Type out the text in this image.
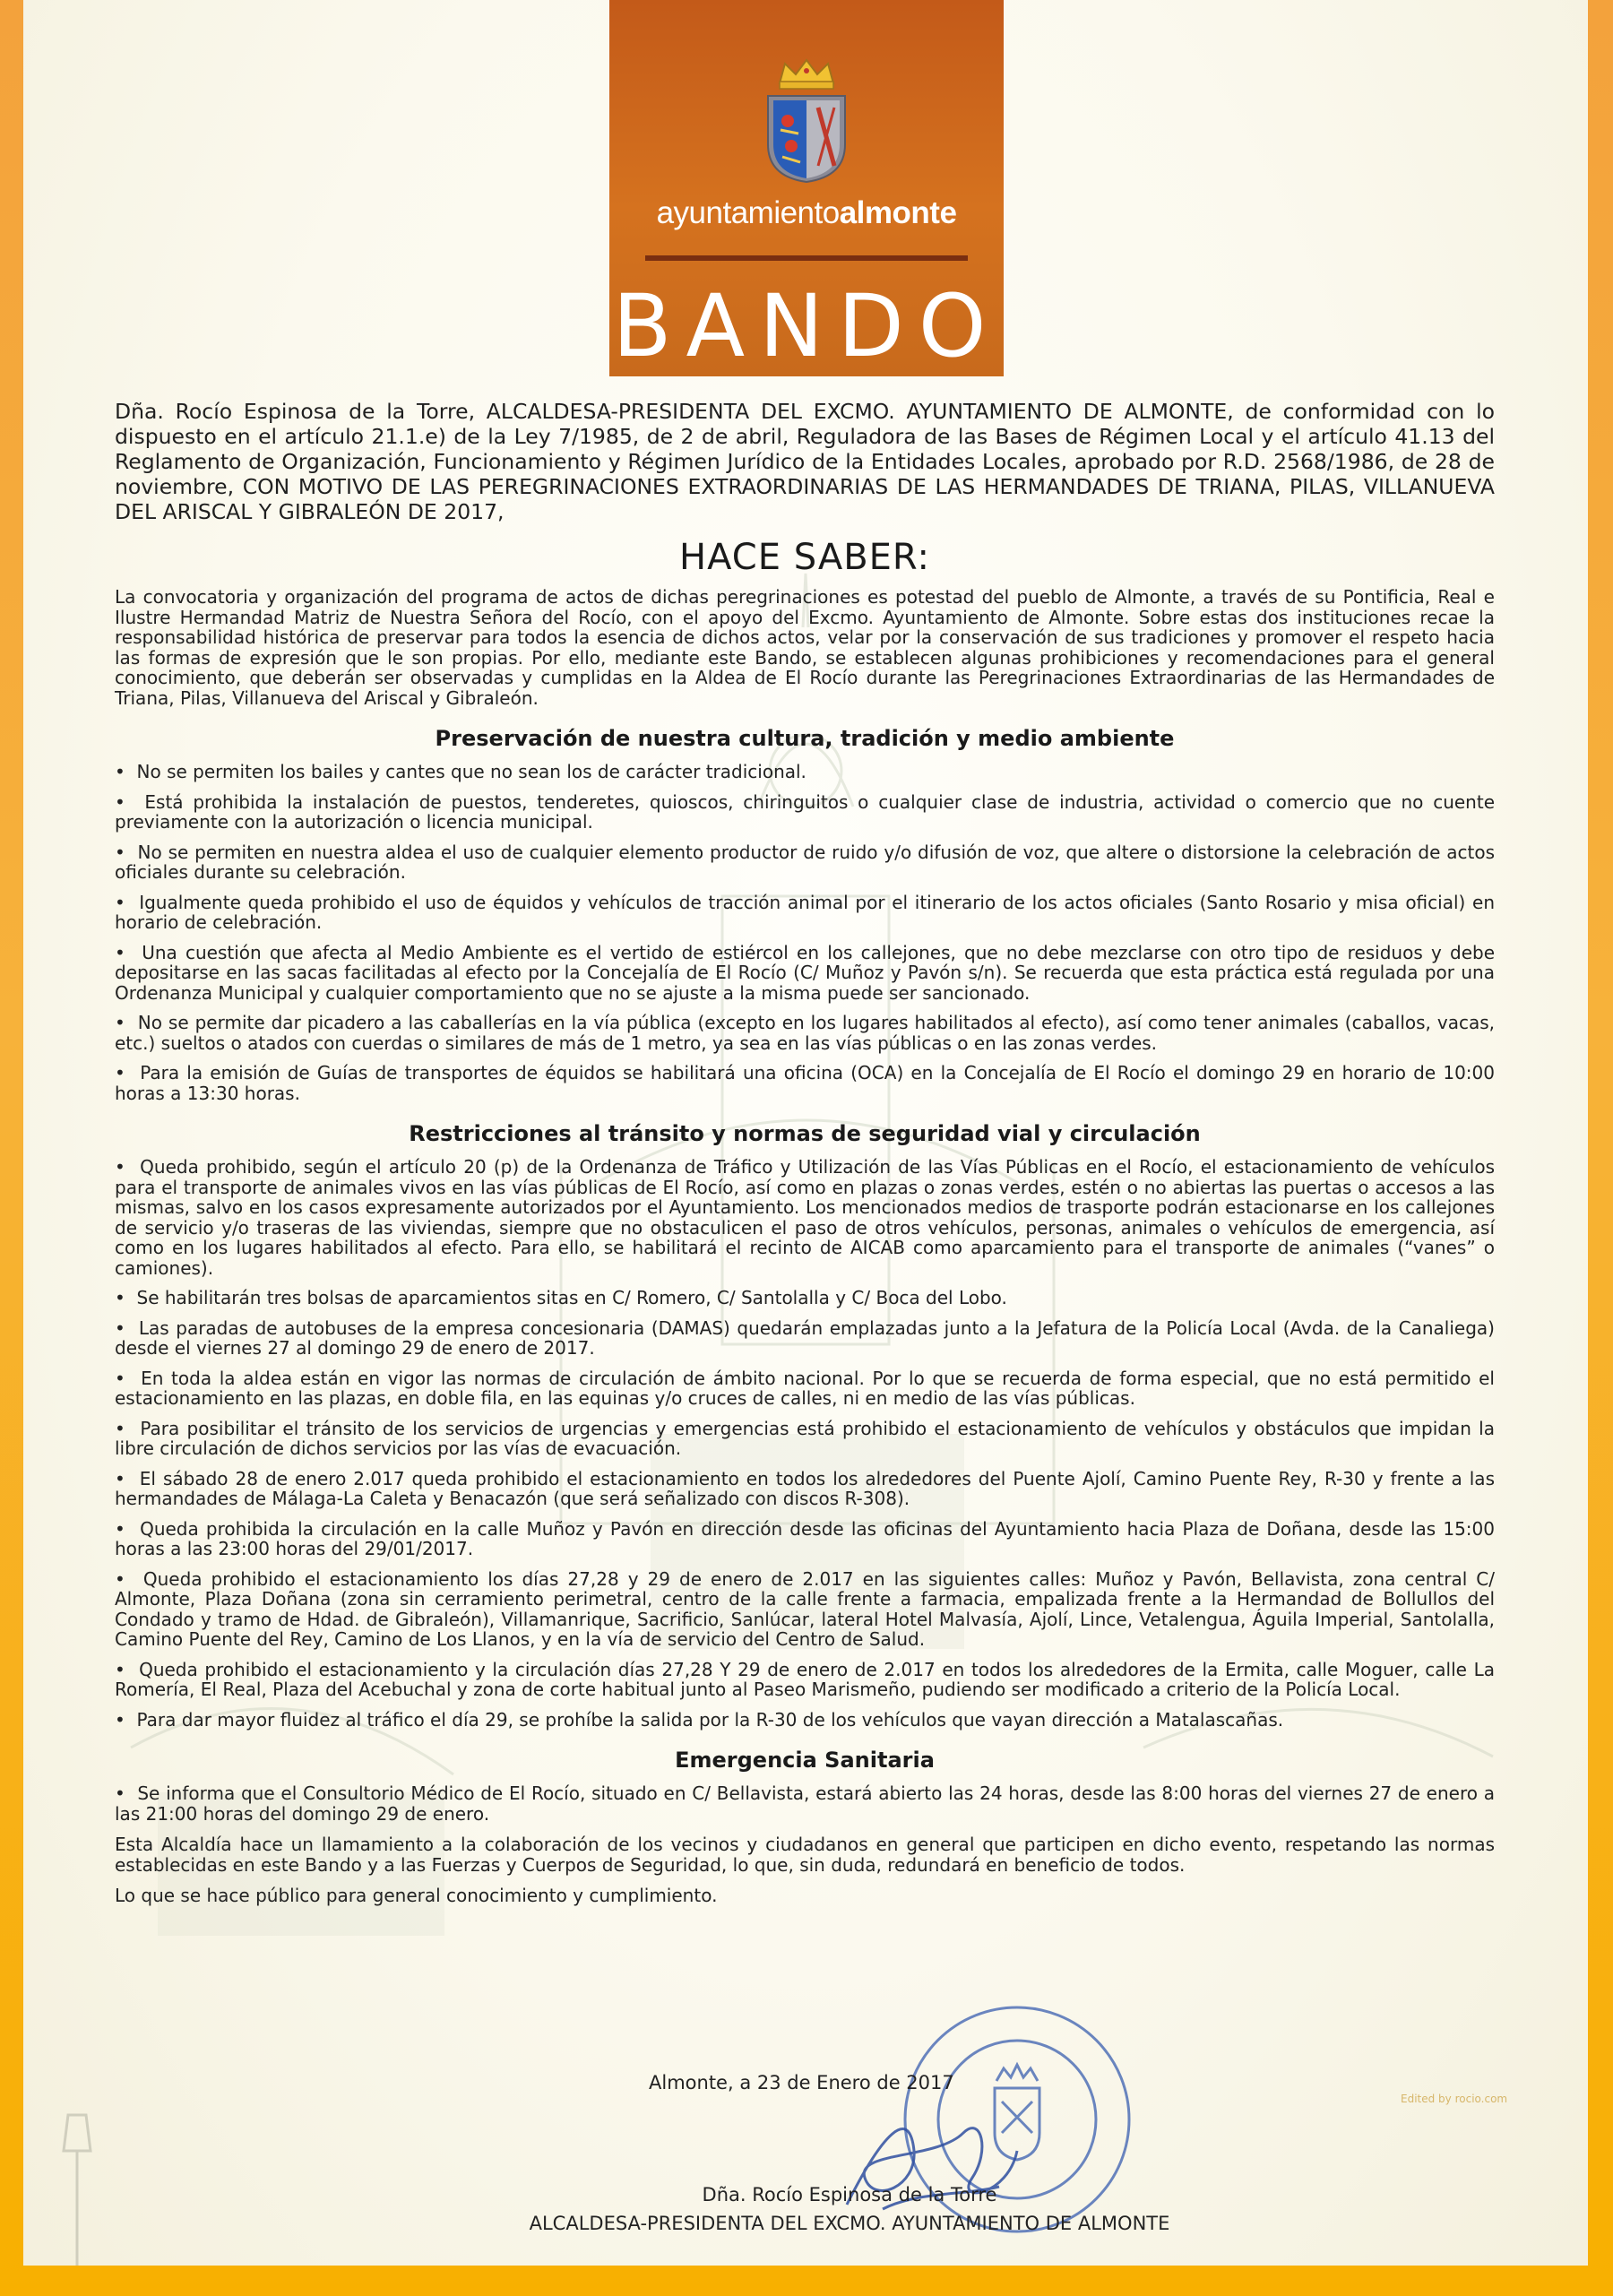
ayuntamientoalmonte
BANDO

Dña. Rocío Espinosa de la Torre, ALCALDESA-PRESIDENTA DEL EXCMO. AYUNTAMIENTO DE ALMONTE, de conformidad con lo dispuesto en el artículo 21.1.e) de la Ley 7/1985, de 2 de abril, Reguladora de las Bases de Régimen Local y el artículo 41.13 del Reglamento de Organización, Funcionamiento y Régimen Jurídico de la Entidades Locales, aprobado por R.D. 2568/1986, de 28 de noviembre, CON MOTIVO DE LAS PEREGRINACIONES EXTRAORDINARIAS DE LAS HERMANDADES DE TRIANA, PILAS, VILLANUEVA DEL ARISCAL Y GIBRALEÓN DE 2017,

HACE SABER:

La convocatoria y organización del programa de actos de dichas peregrinaciones es potestad del pueblo de Almonte, a través de su Pontificia, Real e Ilustre Hermandad Matriz de Nuestra Señora del Rocío, con el apoyo del Excmo. Ayuntamiento de Almonte. Sobre estas dos instituciones recae la responsabilidad histórica de preservar para todos la esencia de dichos actos, velar por la conservación de sus tradiciones y promover el respeto hacia las formas de expresión que le son propias. Por ello, mediante este Bando, se establecen algunas prohibiciones y recomendaciones para el general conocimiento, que deberán ser observadas y cumplidas en la Aldea de El Rocío durante las Peregrinaciones Extraordinarias de las Hermandades de Triana, Pilas, Villanueva del Ariscal y Gibraleón.

Preservación de nuestra cultura, tradición y medio ambiente
•  No se permiten los bailes y cantes que no sean los de carácter tradicional.
•  Está prohibida la instalación de puestos, tenderetes, quioscos, chiringuitos o cualquier clase de industria, actividad o comercio que no cuente previamente con la autorización o licencia municipal.
•  No se permiten en nuestra aldea el uso de cualquier elemento productor de ruido y/o difusión de voz, que altere o distorsione la celebración de actos oficiales durante su celebración.
•  Igualmente queda prohibido el uso de équidos y vehículos de tracción animal por el itinerario de los actos oficiales (Santo Rosario y misa oficial) en horario de celebración.
•  Una cuestión que afecta al Medio Ambiente es el vertido de estiércol en los callejones, que no debe mezclarse con otro tipo de residuos y debe depositarse en las sacas facilitadas al efecto por la Concejalía de El Rocío (C/ Muñoz y Pavón s/n). Se recuerda que esta práctica está regulada por una Ordenanza Municipal y cualquier comportamiento que no se ajuste a la misma puede ser sancionado.
•  No se permite dar picadero a las caballerías en la vía pública (excepto en los lugares habilitados al efecto), así como tener animales (caballos, vacas, etc.) sueltos o atados con cuerdas o similares de más de 1 metro, ya sea en las vías públicas o en las zonas verdes.
•  Para la emisión de Guías de transportes de équidos se habilitará una oficina (OCA) en la Concejalía de El Rocío el domingo 29 en horario de 10:00 horas a 13:30 horas.
Restricciones al tránsito y normas de seguridad vial y circulación
•  Queda prohibido, según el artículo 20 (p) de la Ordenanza de Tráfico y Utilización de las Vías Públicas en el Rocío, el estacionamiento de vehículos para el transporte de animales vivos en las vías públicas de El Rocío, así como en plazas o zonas verdes, estén o no abiertas las puertas o accesos a las mismas, salvo en los casos expresamente autorizados por el Ayuntamiento. Los mencionados medios de trasporte podrán estacionarse en los callejones de servicio y/o traseras de las viviendas, siempre que no obstaculicen el paso de otros vehículos, personas, animales o vehículos de emergencia, así como en los lugares habilitados al efecto. Para ello, se habilitará el recinto de AICAB como aparcamiento para el transporte de animales (“vanes” o camiones).
•  Se habilitarán tres bolsas de aparcamientos sitas en C/ Romero, C/ Santolalla y C/ Boca del Lobo.
•  Las paradas de autobuses de la empresa concesionaria (DAMAS) quedarán emplazadas junto a la Jefatura de la Policía Local (Avda. de la Canaliega) desde el viernes 27 al domingo 29 de enero de 2017.
•  En toda la aldea están en vigor las normas de circulación de ámbito nacional. Por lo que se recuerda de forma especial, que no está permitido el estacionamiento en las plazas, en doble fila, en las equinas y/o cruces de calles, ni en medio de las vías públicas.
•  Para posibilitar el tránsito de los servicios de urgencias y emergencias está prohibido el estacionamiento de vehículos y obstáculos que impidan la libre circulación de dichos servicios por las vías de evacuación.
•  El sábado 28 de enero 2.017 queda prohibido el estacionamiento en todos los alrededores del Puente Ajolí, Camino Puente Rey, R-30 y frente a las hermandades de Málaga-La Caleta y Benacazón (que será señalizado con discos R-308).
•  Queda prohibida la circulación en la calle Muñoz y Pavón en dirección desde las oficinas del Ayuntamiento hacia Plaza de Doñana, desde las 15:00 horas a las 23:00 horas del 29/01/2017.
•  Queda prohibido el estacionamiento los días 27,28 y 29 de enero de 2.017 en las siguientes calles: Muñoz y Pavón, Bellavista, zona central C/ Almonte, Plaza Doñana (zona sin cerramiento perimetral, centro de la calle frente a farmacia, empalizada frente a la Hermandad de Bollullos del Condado y tramo de Hdad. de Gibraleón), Villamanrique, Sacrificio, Sanlúcar, lateral Hotel Malvasía, Ajolí, Lince, Vetalengua, Águila Imperial, Santolalla, Camino Puente del Rey, Camino de Los Llanos, y en la vía de servicio del Centro de Salud.
•  Queda prohibido el estacionamiento y la circulación días 27,28 Y 29 de enero de 2.017 en todos los alrededores de la Ermita, calle Moguer, calle La Romería, El Real, Plaza del Acebuchal y zona de corte habitual junto al Paseo Marismeño, pudiendo ser modificado a criterio de la Policía Local.
•  Para dar mayor fluidez al tráfico el día 29, se prohíbe la salida por la R-30 de los vehículos que vayan dirección a Matalascañas.
Emergencia Sanitaria
•  Se informa que el Consultorio Médico de El Rocío, situado en C/ Bellavista, estará abierto las 24 horas, desde las 8:00 horas del viernes 27 de enero a las 21:00 horas del domingo 29 de enero.

Esta Alcaldía hace un llamamiento a la colaboración de los vecinos y ciudadanos en general que participen en dicho evento, respetando las normas establecidas en este Bando y a las Fuerzas y Cuerpos de Seguridad, lo que, sin duda, redundará en beneficio de todos.

Lo que se hace público para general conocimiento y cumplimiento.

Almonte, a 23 de Enero de 2017
Dña. Rocío Espinosa de la Torre
ALCALDESA-PRESIDENTA DEL EXCMO. AYUNTAMIENTO DE ALMONTE
Edited by rocio.com
